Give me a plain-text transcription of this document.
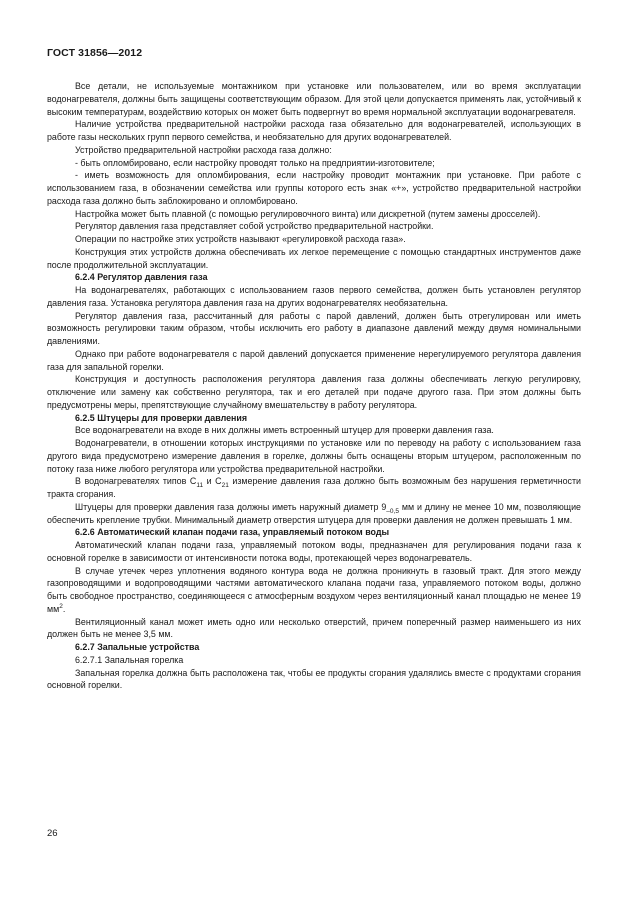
ГОСТ 31856—2012

Все детали, не используемые монтажником при установке или пользователем, или во время эксплуатации водонагревателя, должны быть защищены соответствующим образом. Для этой цели допускается применять лак, устойчивый к высоким температурам, воздействию которых он может быть подвергнут во время нормальной эксплуатации водонагревателя.

Наличие устройства предварительной настройки расхода газа обязательно для водонагревателей, использующих в работе газы нескольких групп первого семейства, и необязательно для других водонагревателей.

Устройство предварительной настройки расхода газа должно:

- быть опломбировано, если настройку проводят только на предприятии-изготовителе;

- иметь возможность для опломбирования, если настройку проводит монтажник при установке. При работе с использованием газа, в обозначении семейства или группы которого есть знак «+», устройство предварительной настройки расхода газа должно быть заблокировано и опломбировано.

Настройка может быть плавной (с помощью регулировочного винта) или дискретной (путем замены дросселей).

Регулятор давления газа представляет собой устройство предварительной настройки.

Операции по настройке этих устройств называют «регулировкой расхода газа».

Конструкция этих устройств должна обеспечивать их легкое перемещение с помощью стандартных инструментов даже после продолжительной эксплуатации.

6.2.4 Регулятор давления газа

На водонагревателях, работающих с использованием газов первого семейства, должен быть установлен регулятор давления газа. Установка регулятора давления газа на других водонагревателях необязательна.

Регулятор давления газа, рассчитанный для работы с парой давлений, должен быть отрегулирован или иметь возможность регулировки таким образом, чтобы исключить его работу в диапазоне давлений между двумя номинальными давлениями.

Однако при работе водонагревателя с парой давлений допускается применение нерегулируемого регулятора давления газа для запальной горелки.

Конструкция и доступность расположения регулятора давления газа должны обеспечивать легкую регулировку, отключение или замену как собственно регулятора, так и его деталей при подаче другого газа. При этом должны быть предусмотрены меры, препятствующие случайному вмешательству в работу регулятора.

6.2.5 Штуцеры для проверки давления

Все водонагреватели на входе в них должны иметь встроенный штуцер для проверки давления газа.

Водонагреватели, в отношении которых инструкциями по установке или по переводу на работу с использованием газа другого вида предусмотрено измерение давления в горелке, должны быть оснащены вторым штуцером, расположенным по потоку газа ниже любого регулятора или устройства предварительной настройки.

В водонагревателях типов $С_{11}$ и $С_{21}$ измерение давления газа должно быть возможным без нарушения герметичности тракта сгорания.

Штуцеры для проверки давления газа должны иметь наружный диаметр $9_{-0,5}$ мм и длину не менее 10 мм, позволяющие обеспечить крепление трубки. Минимальный диаметр отверстия штуцера для проверки давления не должен превышать 1 мм.

6.2.6 Автоматический клапан подачи газа, управляемый потоком воды

Автоматический клапан подачи газа, управляемый потоком воды, предназначен для регулирования подачи газа к основной горелке в зависимости от интенсивности потока воды, протекающей через водонагреватель.

В случае утечек через уплотнения водяного контура вода не должна проникнуть в газовый тракт. Для этого между газопроводящими и водопроводящими частями автоматического клапана подачи газа, управляемого потоком воды, должно быть свободное пространство, соединяющееся с атмосферным воздухом через вентиляционный канал площадью не менее 19 $мм^2$.

Вентиляционный канал может иметь одно или несколько отверстий, причем поперечный размер наименьшего из них должен быть не менее 3,5 мм.

6.2.7 Запальные устройства

6.2.7.1 Запальная горелка

Запальная горелка должна быть расположена так, чтобы ее продукты сгорания удалялись вместе с продуктами сгорания основной горелки.

26
